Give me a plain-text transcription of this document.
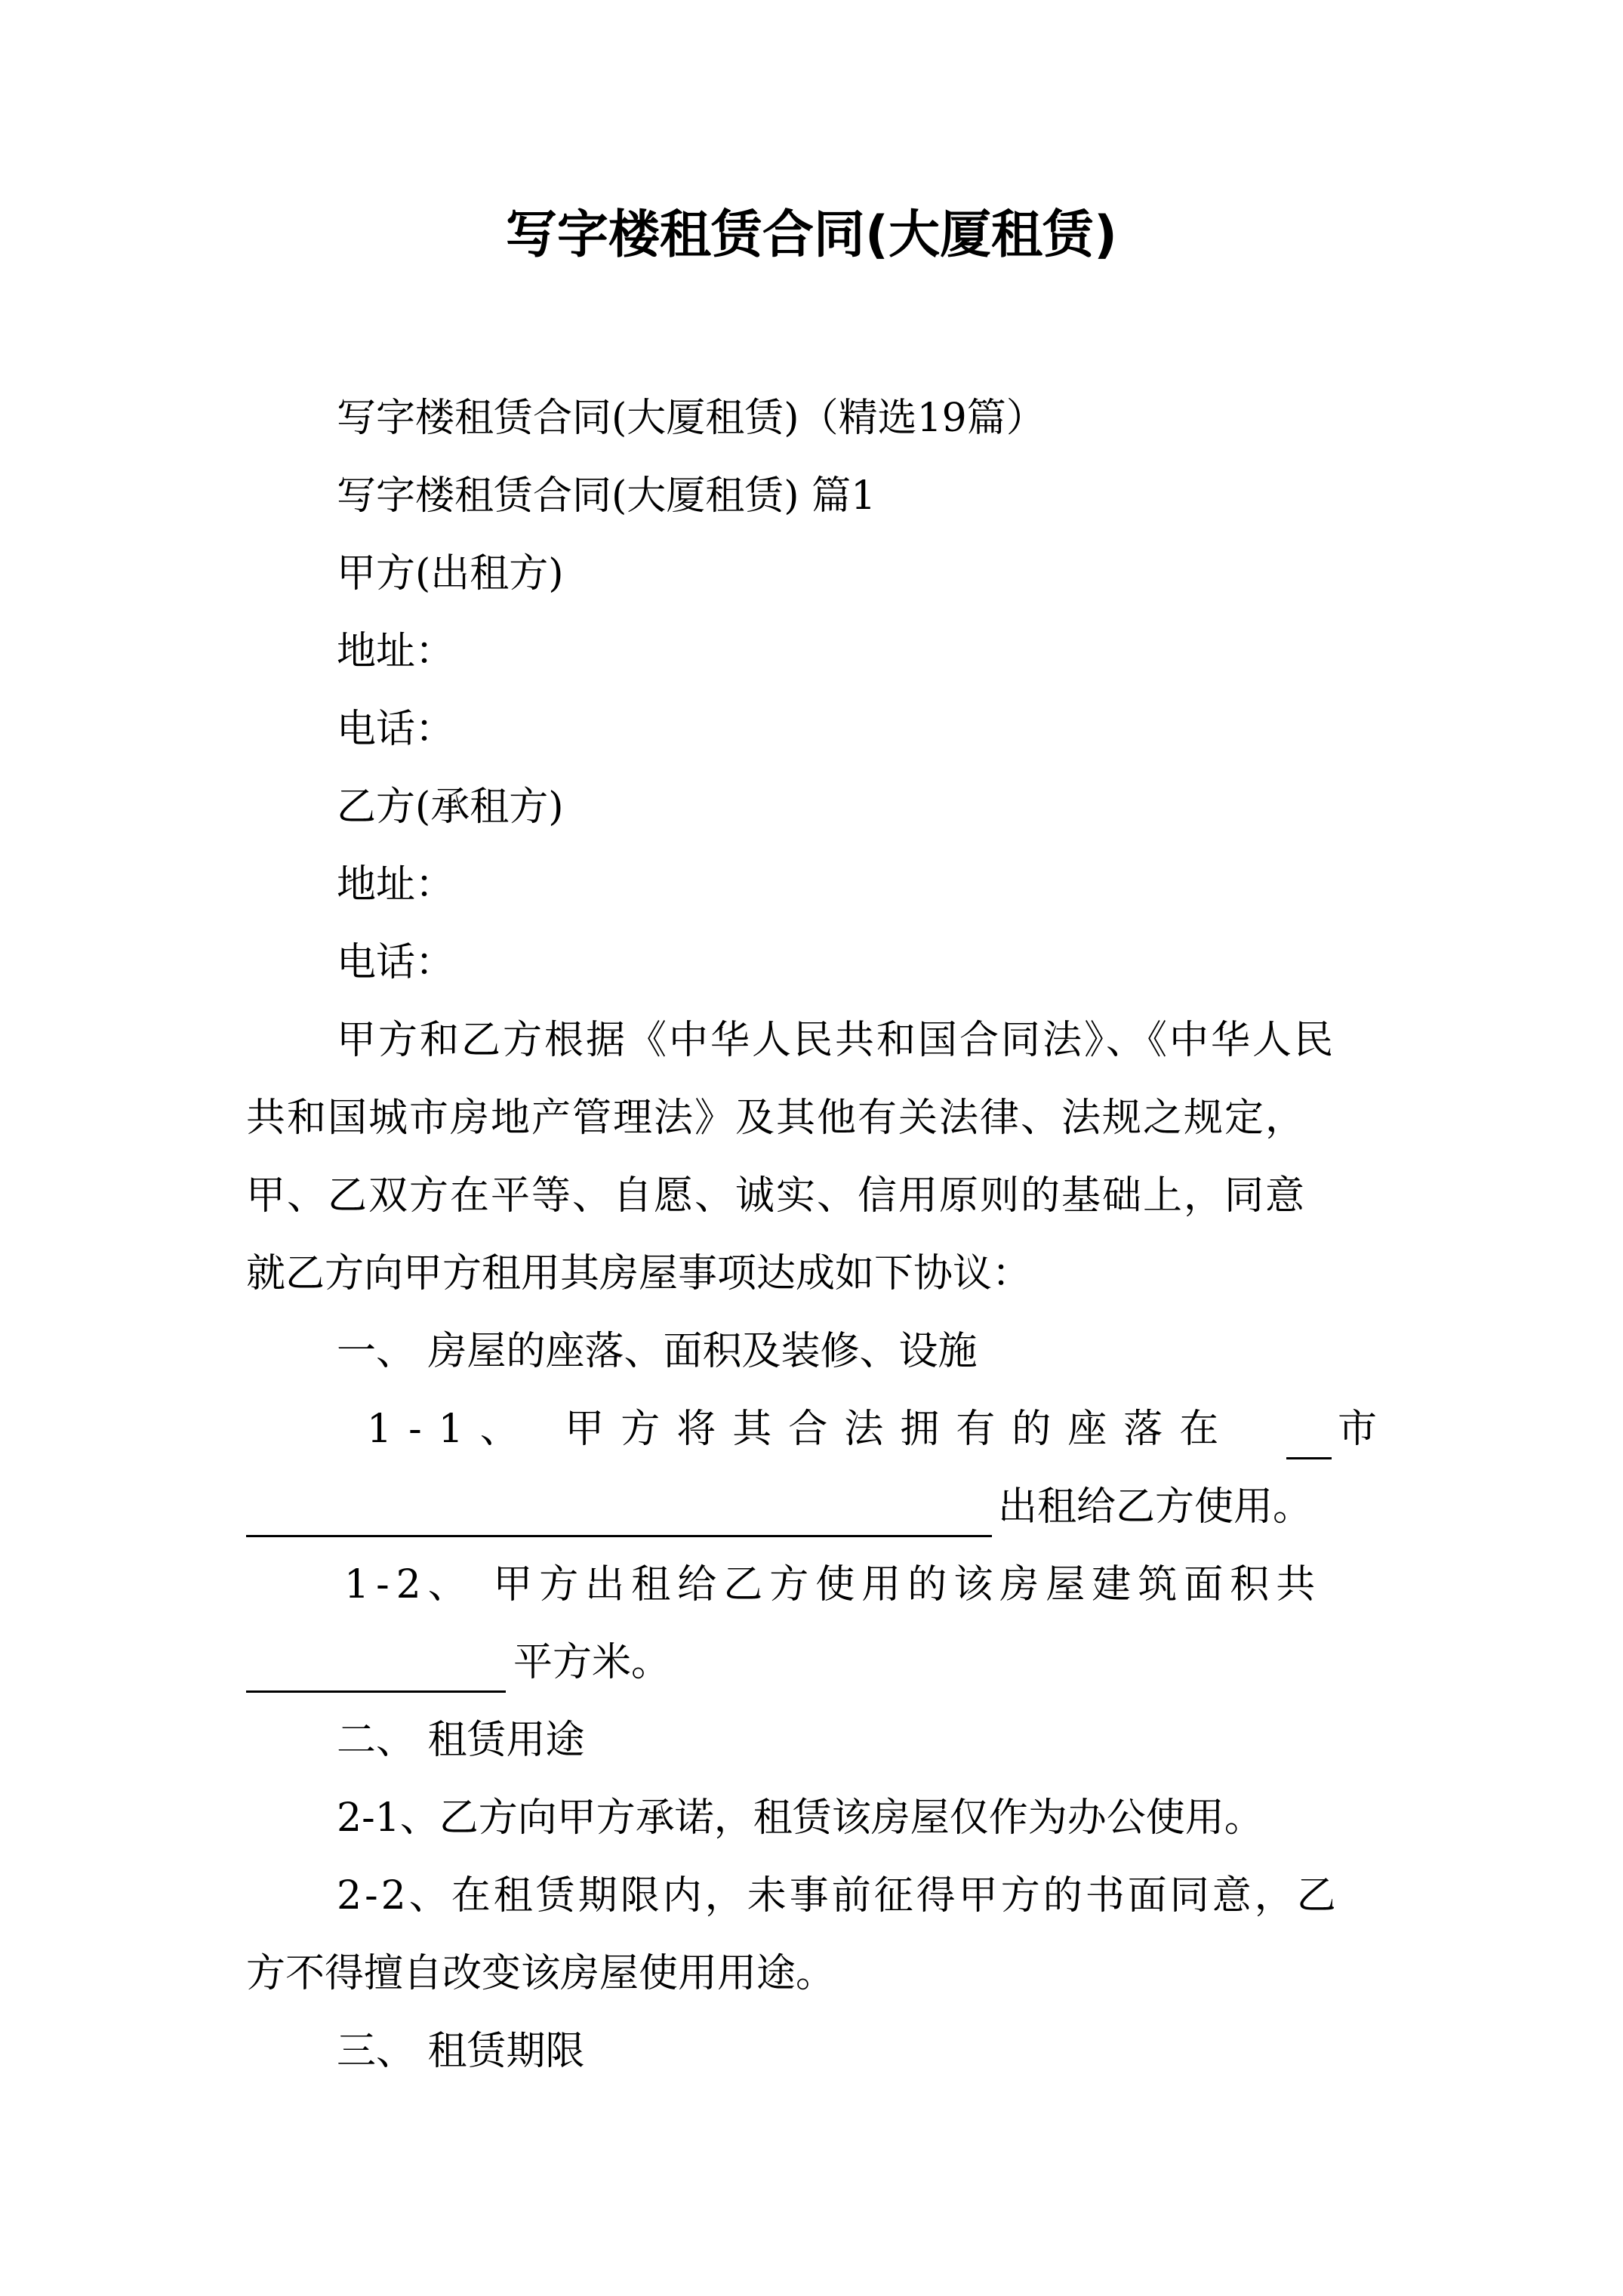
写字楼租赁合同(大厦租赁)
写字楼租赁合同(大厦租赁)（精选19篇）
写字楼租赁合同(大厦租赁) 篇1
甲方(出租方)
地址：
电话：
乙方(承租方)
地址：
电话：
甲方和乙方根据《中华人民共和国合同法》、《中华人民
共和国城市房地产管理法》及其他有关法律、法规之规定，
甲、乙双方在平等、自愿、诚实、信用原则的基础上，同意
就乙方向甲方租用其房屋事项达成如下协议：
一、 房屋的座落、面积及装修、设施
1-1、 甲方将其合法拥有的座落在	市
出租给乙方使用。
1-2、 甲方出租给乙方使用的该房屋建筑面积共
平方米。
二、 租赁用途
2-1、乙方向甲方承诺，租赁该房屋仅作为办公使用。
2-2、在租赁期限内，未事前征得甲方的书面同意，乙
方不得擅自改变该房屋使用用途。
三、 租赁期限
